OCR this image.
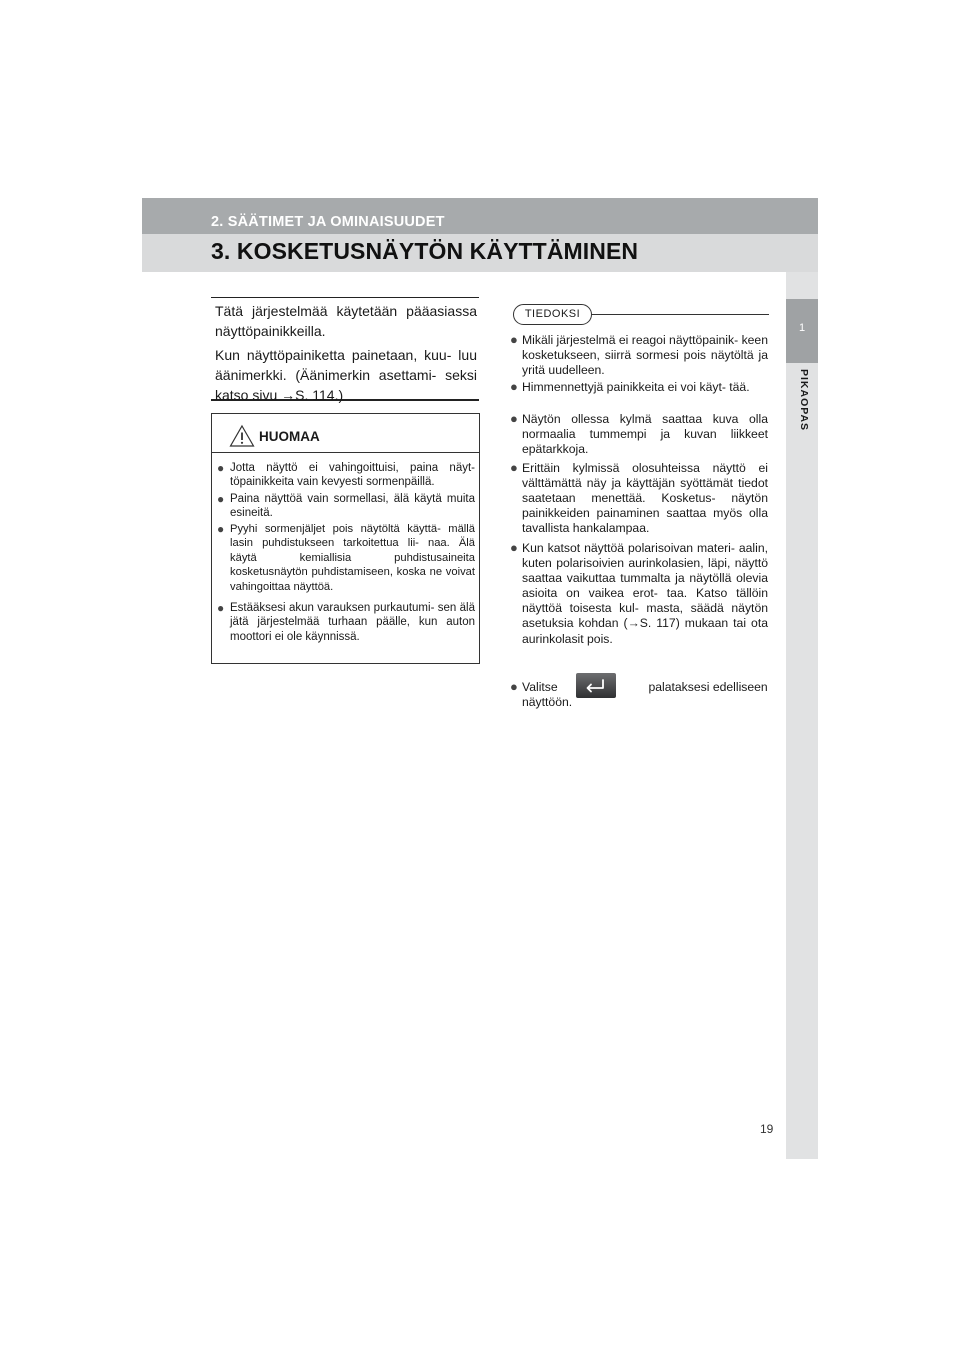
2. SÄÄTIMET JA OMINAISUUDET
3. KOSKETUSNÄYTÖN KÄYTTÄMINEN
1
PIKAOPAS
Tätä järjestelmää käytetään pääasiassa näyttöpainikkeilla.
Kun näyttöpainiketta painetaan, kuu- luu äänimerkki. (Äänimerkin asettami- seksi katso sivu →S. 114.)
HUOMAA
● Jotta näyttö ei vahingoittuisi, paina näyt- töpainikkeita vain kevyesti sormenpäillä.
● Paina näyttöä vain sormellasi, älä käytä muita esineitä.
● Pyyhi sormenjäljet pois näytöltä käyttä- mällä lasin puhdistukseen tarkoitettua lii- naa. Älä käytä kemiallisia puhdistusaineita kosketusnäytön puhdistamiseen, koska ne voivat vahingoittaa näyttöä.
● Estääksesi akun varauksen purkautumi- sen älä jätä järjestelmää turhaan päälle, kun auton moottori ei ole käynnissä.
TIEDOKSI
● Mikäli järjestelmä ei reagoi näyttöpainik- keen kosketukseen, siirrä sormesi pois näytöltä ja yritä uudelleen.
● Himmennettyjä painikkeita ei voi käyt- tää.
● Näytön ollessa kylmä saattaa kuva olla normaalia tummempi ja kuvan liikkeet epätarkkoja.
● Erittäin kylmissä olosuhteissa näyttö ei välttämättä näy ja käyttäjän syöttämät tiedot saatetaan menettää. Kosketus- näytön painikkeiden painaminen saattaa myös olla tavallista hankalampaa.
● Kun katsot näyttöä polarisoivan materi- aalin, kuten polarisoivien aurinkolasien, läpi, näyttö saattaa vaikuttaa tummalta ja näytöllä olevia asioita on vaikea erot- taa. Katso tällöin näyttöä toisesta kul- masta, säädä näytön asetuksia kohdan (→S. 117) mukaan tai ota aurinkolasit pois.
● Valitse	palataksesi edelliseen
näyttöön.
19
